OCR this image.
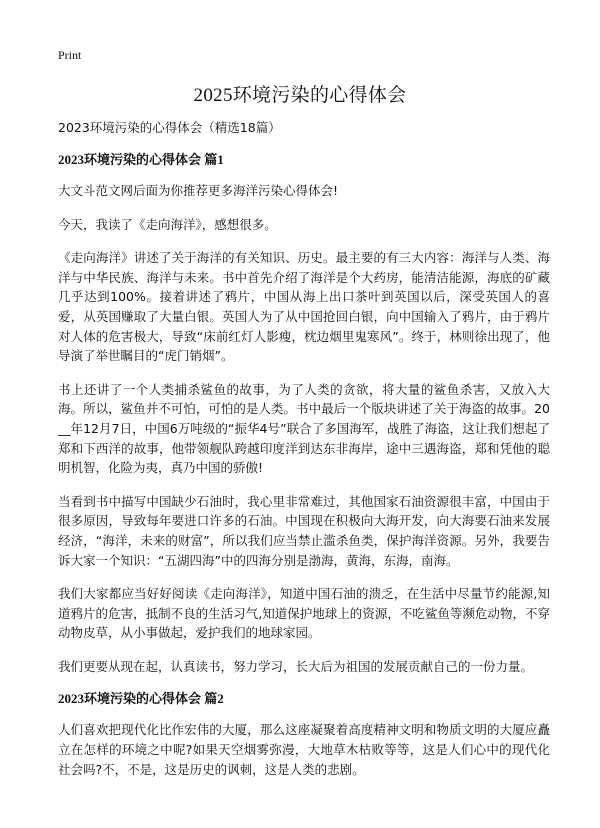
Print
2025环境污染的心得体会

2023环境污染的心得体会（精选18篇）

2023环境污染的心得体会 篇1

大文斗范文网后面为你推荐更多海洋污染心得体会!

今天，我读了《走向海洋》，感想很多。

《走向海洋》讲述了关于海洋的有关知识、历史。最主要的有三大内容：海洋与人类、海洋与中华民族、海洋与未来。书中首先介绍了海洋是个大药房，能清洁能源，海底的矿藏几乎达到100%。接着讲述了鸦片，中国从海上出口茶叶到英国以后，深受英国人的喜爱，从英国赚取了大量白银。英国人为了从中国抢回白银，向中国输入了鸦片，由于鸦片对人体的危害极大，导致“床前红灯人影瘦，枕边烟里鬼寒风”。终于，林则徐出现了，他导演了举世瞩目的“虎门销烟”。

书上还讲了一个人类捕杀鲨鱼的故事，为了人类的贪欲，将大量的鲨鱼杀害，又放入大海。所以，鲨鱼并不可怕，可怕的是人类。书中最后一个版块讲述了关于海盗的故事。20__年12月7日，中国6万吨级的“振华4号”联合了多国海军，战胜了海盗，这让我们想起了郑和下西洋的故事，他带领舰队跨越印度洋到达东非海岸，途中三遇海盗，郑和凭他的聪明机智，化险为夷，真乃中国的骄傲!

当看到书中描写中国缺少石油时，我心里非常难过，其他国家石油资源很丰富，中国由于很多原因，导致每年要进口许多的石油。中国现在积极向大海开发，向大海要石油来发展经济，“海洋，未来的财富”，所以我们应当禁止滥杀鱼类，保护海洋资源。另外，我要告诉大家一个知识：“五湖四海”中的四海分别是渤海，黄海，东海，南海。

我们大家都应当好好阅读《走向海洋》，知道中国石油的溃乏，在生活中尽量节约能源,知道鸦片的危害，抵制不良的生活习气,知道保护地球上的资源，不吃鲨鱼等濒危动物，不穿动物皮草，从小事做起，爱护我们的地球家园。

我们更要从现在起，认真读书，努力学习，长大后为祖国的发展贡献自己的一份力量。

2023环境污染的心得体会 篇2

人们喜欢把现代化比作宏伟的大厦，那么这座凝聚着高度精神文明和物质文明的大厦应矗立在怎样的环境之中呢?如果天空烟雾弥漫，大地草木枯败等等，这是人们心中的现代化社会吗?不，不是，这是历史的讽刺，这是人类的悲剧。
